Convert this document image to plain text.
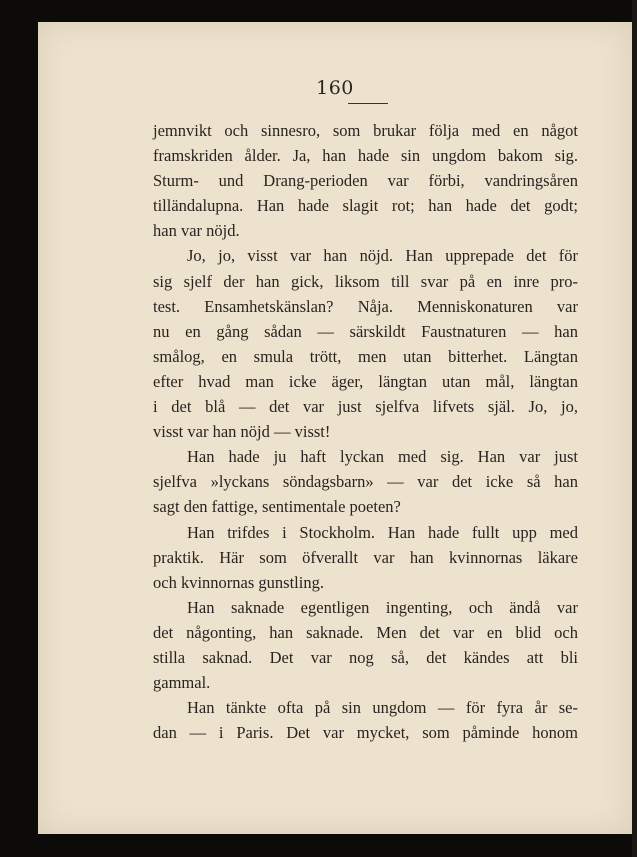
160
jemnvikt och sinnesro, som brukar följa med en något
framskriden ålder. Ja, han hade sin ungdom bakom sig.
Sturm- und Drang-perioden var förbi, vandringsåren
tilländalupna. Han hade slagit rot; han hade det godt;
han var nöjd.
Jo, jo, visst var han nöjd. Han upprepade det för
sig sjelf der han gick, liksom till svar på en inre pro-
test. Ensamhetskänslan? Nåja. Menniskonaturen var
nu en gång sådan — särskildt Faustnaturen — han
smålog, en smula trött, men utan bitterhet. Längtan
efter hvad man icke äger, längtan utan mål, längtan
i det blå — det var just sjelfva lifvets själ. Jo, jo,
visst var han nöjd — visst!
Han hade ju haft lyckan med sig. Han var just
sjelfva »lyckans söndagsbarn» — var det icke så han
sagt den fattige, sentimentale poeten?
Han trifdes i Stockholm. Han hade fullt upp med
praktik. Här som öfverallt var han kvinnornas läkare
och kvinnornas gunstling.
Han saknade egentligen ingenting, och ändå var
det någonting, han saknade. Men det var en blid och
stilla saknad. Det var nog så, det kändes att bli
gammal.
Han tänkte ofta på sin ungdom — för fyra år se-
dan — i Paris. Det var mycket, som påminde honom
